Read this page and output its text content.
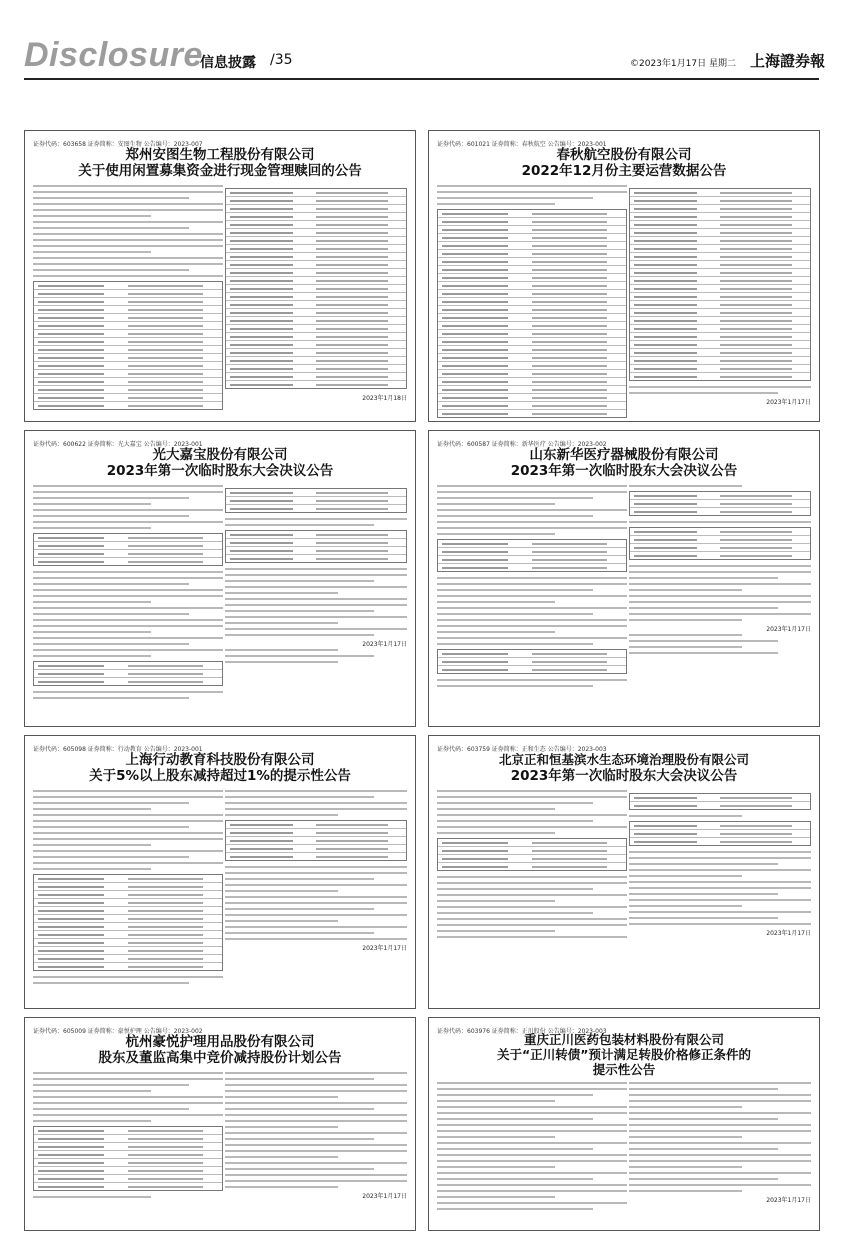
Disclosure
信息披露 /35	©2023年1月17日 星期二 上海證券報
证券代码：603658 证券简称：安图生物 公告编号：2023-007
郑州安图生物工程股份有限公司
关于使用闲置募集资金进行现金管理赎回的公告
2023年1月18日
证券代码：601021 证券简称：春秋航空 公告编号：2023-001
春秋航空股份有限公司
2022年12月份主要运营数据公告
2023年1月17日
证券代码：600622 证券简称：光大嘉宝 公告编号：2023-001
光大嘉宝股份有限公司
2023年第一次临时股东大会决议公告
2023年1月17日
证券代码：600587 证券简称：新华医疗 公告编号：2023-002
山东新华医疗器械股份有限公司
2023年第一次临时股东大会决议公告
2023年1月17日
证券代码：605098 证券简称：行动教育 公告编号：2023-001
上海行动教育科技股份有限公司
关于5%以上股东减持超过1%的提示性公告
2023年1月17日
证券代码：603759 证券简称：正和生态 公告编号：2023-003
北京正和恒基滨水生态环境治理股份有限公司
2023年第一次临时股东大会决议公告
2023年1月17日
证券代码：605009 证券简称：豪悦护理 公告编号：2023-002
杭州豪悦护理用品股份有限公司
股东及董监高集中竞价减持股份计划公告
2023年1月17日
证券代码：603976 证券简称：正川股份 公告编号：2023-003
重庆正川医药包装材料股份有限公司
关于“正川转债”预计满足转股价格修正条件的
提示性公告
2023年1月17日
